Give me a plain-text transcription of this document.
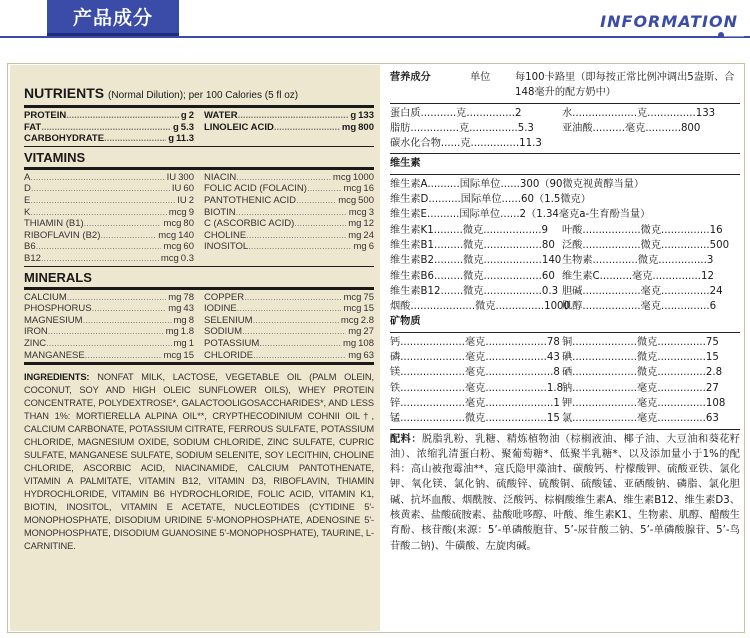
产品成分	INFORMATION
NUTRIENTS (Normal Dilution); per 100 Calories (5 fl oz)
PROTEIN .....	g 2
FAT .....	g 5.3
CARBOHYDRATE .....	g 11.3
WATER .....	g 133
LINOLEIC ACID .....	mg 800
VITAMINS
A .....	IU 300
D .....	IU 60
E .....	IU 2
K .....	mcg 9
THIAMIN (B1) .....	mcg 80
RIBOFLAVIN (B2) .....	mcg 140
B6 .....	mcg 60
B12 .....	mcg 0.3
NIACIN .....	mcg 1000
FOLIC ACID (FOLACIN) .....	mcg 16
PANTOTHENIC ACID .....	mcg 500
BIOTIN .....	mcg 3
C (ASCORBIC ACID) .....	mg 12
CHOLINE .....	mg 24
INOSITOL .....	mg 6
MINERALS
CALCIUM .....	mg 78
PHOSPHORUS .....	mg 43
MAGNESIUM .....	mg 8
IRON .....	mg 1.8
ZINC .....	mg 1
MANGANESE .....	mcg 15
COPPER .....	mcg 75
IODINE .....	mcg 15
SELENIUM .....	mcg 2.8
SODIUM .....	mg 27
POTASSIUM .....	mg 108
CHLORIDE .....	mg 63
INGREDIENTS: NONFAT MILK, LACTOSE, VEGETABLE OIL (PALM OLEIN, COCONUT, SOY AND HIGH OLEIC SUNFLOWER OILS), WHEY PROTEIN CONCENTRATE, POLYDEXTROSE*, GALACTOOLIGOSACCHARIDES*, AND LESS THAN 1%: MORTIERELLA ALPINA OIL**, CRYPTHECODINIUM COHNII OIL†, CALCIUM CARBONATE, POTASSIUM CITRATE, FERROUS SULFATE, POTASSIUM CHLORIDE, MAGNESIUM OXIDE, SODIUM CHLORIDE, ZINC SULFATE, CUPRIC SULFATE, MANGANESE SULFATE, SODIUM SELENITE, SOY LECITHIN, CHOLINE CHLORIDE, ASCORBIC ACID, NIACINAMIDE, CALCIUM PANTOTHENATE, VITAMIN A PALMITATE, VITAMIN B12, VITAMIN D3, RIBOFLAVIN, THIAMIN HYDROCHLORIDE, VITAMIN B6 HYDROCHLORIDE, FOLIC ACID, VITAMIN K1, BIOTIN, INOSITOL, VITAMIN E ACETATE, NUCLEOTIDES (CYTIDINE 5'-MONOPHOSPHATE, DISODIUM URIDINE 5'-MONOPHOSPHATE, ADENOSINE 5'-MONOPHOSPHATE, DISODIUM GUANOSINE 5'-MONOPHOSPHATE), TAURINE, L-CARNITINE.
营养成分	单位	每100卡路里（即每按正常比例冲调出5盎斯、合148毫升的配方奶中）
蛋白质...........克...............2	水....................克...............133
脂肪...............克...............5.3	亚油酸..........毫克...........800
碳水化合物......克...............11.3
维生素
维生素A..........国际单位......300（90微克视黄醇当量）
维生素D..........国际单位......60（1.5微克）
维生素E..........国际单位......2（1.34毫克a-生育酚当量）
维生素K1.........微克..................9	叶酸..................微克...............16
维生素B1.........微克..................80 泛酸..................微克...............500
维生素B2.........微克..................140 生物素..............微克...............3
维生素B6.........微克..................60 维生素C..........毫克...............12
维生素B12.......微克..................0.3 胆碱..................毫克...............24
烟酸....................微克...............1000
肌醇..................毫克...............6
矿物质
钙....................毫克...................78 铜....................微克...............75
磷....................毫克...................43 碘....................微克...............15
镁....................毫克.....................8 硒....................微克...............2.8
铁....................毫克...................1.8
钠....................毫克...............27
锌....................毫克.....................1 钾....................毫克...............108
锰....................微克...................15 氯....................毫克...............63
配料：脱脂乳粉、乳糖、精炼植物油（棕榈液油、椰子油、大豆油和葵花籽油）、浓缩乳清蛋白粉、聚葡萄糖*、低聚半乳糖*、以及添加量小于1%的配料：高山被孢霉油**、寇氏隐甲藻油†、碳酸钙、柠檬酸钾、硫酸亚铁、氯化钾、氧化镁、氯化钠、硫酸锌、硫酸铜、硫酸锰、亚硒酸钠、磷脂、氯化胆碱、抗坏血酸、烟酰胺、泛酸钙、棕榈酸维生素A、维生素B12、维生素D3、核黄素、盐酸硫胺素、盐酸吡哆醇、叶酸、维生素K1、生物素、肌醇、醋酸生育酚、核苷酸(来源：5’-单磷酸胞苷、5’-尿苷酸二钠、5’-单磷酸腺苷、5’-鸟苷酸二钠)、牛磺酸、左旋肉碱。
